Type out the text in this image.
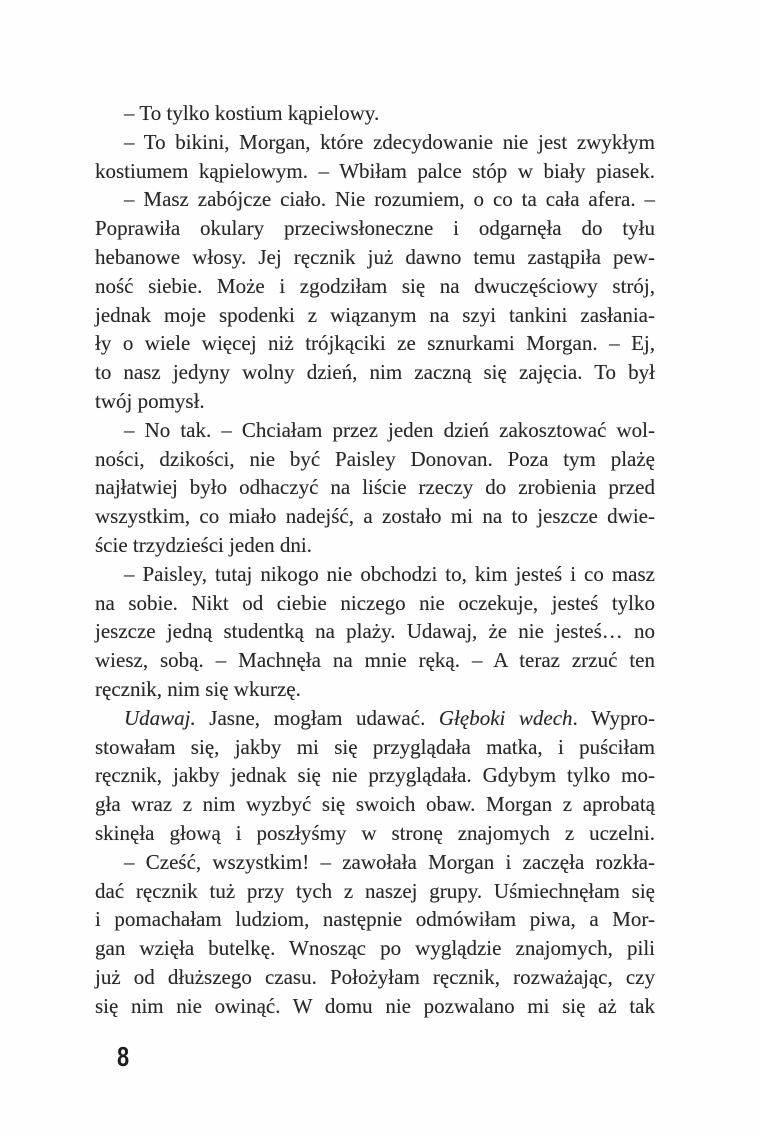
– To tylko kostium kąpielowy.
– To bikini, Morgan, które zdecydowanie nie jest zwykłym
kostiumem kąpielowym. – Wbiłam palce stóp w biały piasek.
– Masz zabójcze ciało. Nie rozumiem, o co ta cała afera. –
Poprawiła okulary przeciwsłoneczne i odgarnęła do tyłu
hebanowe włosy. Jej ręcznik już dawno temu zastąpiła pew-
ność siebie. Może i zgodziłam się na dwuczęściowy strój,
jednak moje spodenki z wiązanym na szyi tankini zasłania-
ły o wiele więcej niż trójkąciki ze sznurkami Morgan. – Ej,
to nasz jedyny wolny dzień, nim zaczną się zajęcia. To był
twój pomysł.
– No tak. – Chciałam przez jeden dzień zakosztować wol-
ności, dzikości, nie być Paisley Donovan. Poza tym plażę
najłatwiej było odhaczyć na liście rzeczy do zrobienia przed
wszystkim, co miało nadejść, a zostało mi na to jeszcze dwie-
ście trzydzieści jeden dni.
– Paisley, tutaj nikogo nie obchodzi to, kim jesteś i co masz
na sobie. Nikt od ciebie niczego nie oczekuje, jesteś tylko
jeszcze jedną studentką na plaży. Udawaj, że nie jesteś… no
wiesz, sobą. – Machnęła na mnie ręką. – A teraz zrzuć ten
ręcznik, nim się wkurzę.
Udawaj. Jasne, mogłam udawać. Głęboki wdech. Wypro-
stowałam się, jakby mi się przyglądała matka, i puściłam
ręcznik, jakby jednak się nie przyglądała. Gdybym tylko mo-
gła wraz z nim wyzbyć się swoich obaw. Morgan z aprobatą
skinęła głową i poszłyśmy w stronę znajomych z uczelni.
– Cześć, wszystkim! – zawołała Morgan i zaczęła rozkła-
dać ręcznik tuż przy tych z naszej grupy. Uśmiechnęłam się
i pomachałam ludziom, następnie odmówiłam piwa, a Mor-
gan wzięła butelkę. Wnosząc po wyglądzie znajomych, pili
już od dłuższego czasu. Położyłam ręcznik, rozważając, czy
się nim nie owinąć. W domu nie pozwalano mi się aż tak
8
